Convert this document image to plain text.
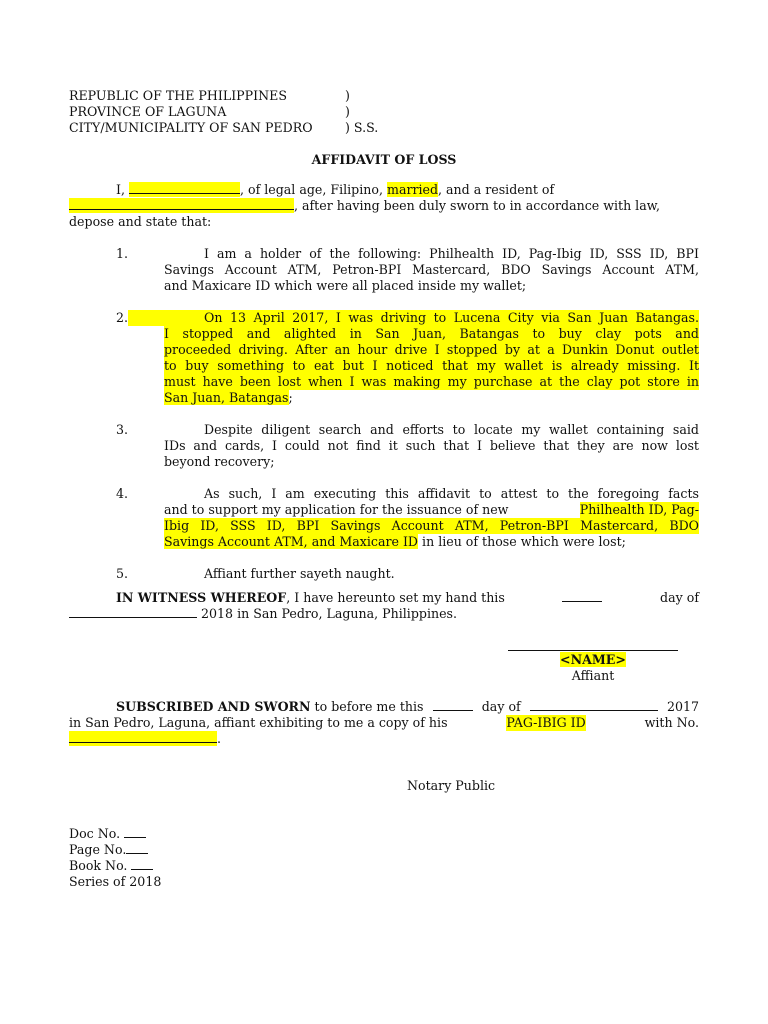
REPUBLIC OF THE PHILIPPINES	)
PROVINCE OF LAGUNA	)
CITY/MUNICIPALITY OF SAN PEDRO	) S.S.
AFFIDAVIT OF LOSS
I,	, of legal age, Filipino, married, and a resident of
, after having been duly sworn to in accordance with law,
depose and state that:
1.	I am a holder of the following: Philhealth ID, Pag-Ibig ID, SSS ID, BPI
Savings Account ATM, Petron-BPI Mastercard, BDO Savings Account ATM,
and Maxicare ID which were all placed inside my wallet;
2.	On 13 April 2017, I was driving to Lucena City via San Juan Batangas.
I stopped and alighted in San Juan, Batangas to buy clay pots and
proceeded driving. After an hour drive I stopped by at a Dunkin Donut outlet
to buy something to eat but I noticed that my wallet is already missing. It
must have been lost when I was making my purchase at the clay pot store in
San Juan, Batangas;
3.	Despite diligent search and efforts to locate my wallet containing said
IDs and cards, I could not find it such that I believe that they are now lost
beyond recovery;
4.	As such, I am executing this affidavit to attest to the foregoing facts
and to support my application for the issuance of new	Philhealth ID, Pag-
Ibig ID, SSS ID, BPI Savings Account ATM, Petron-BPI Mastercard, BDO
Savings Account ATM, and Maxicare ID in lieu of those which were lost;
5.	Affiant further sayeth naught.
IN WITNESS WHEREOF, I have hereunto set my hand this	day of
2018 in San Pedro, Laguna, Philippines.
<NAME>
Affiant
SUBSCRIBED AND SWORN to before me this	day of	2017
in San Pedro, Laguna, affiant exhibiting to me a copy of his	PAG-IBIG ID	with No.
.
Notary Public
Doc No.
Page No.
Book No.
Series of 2018
